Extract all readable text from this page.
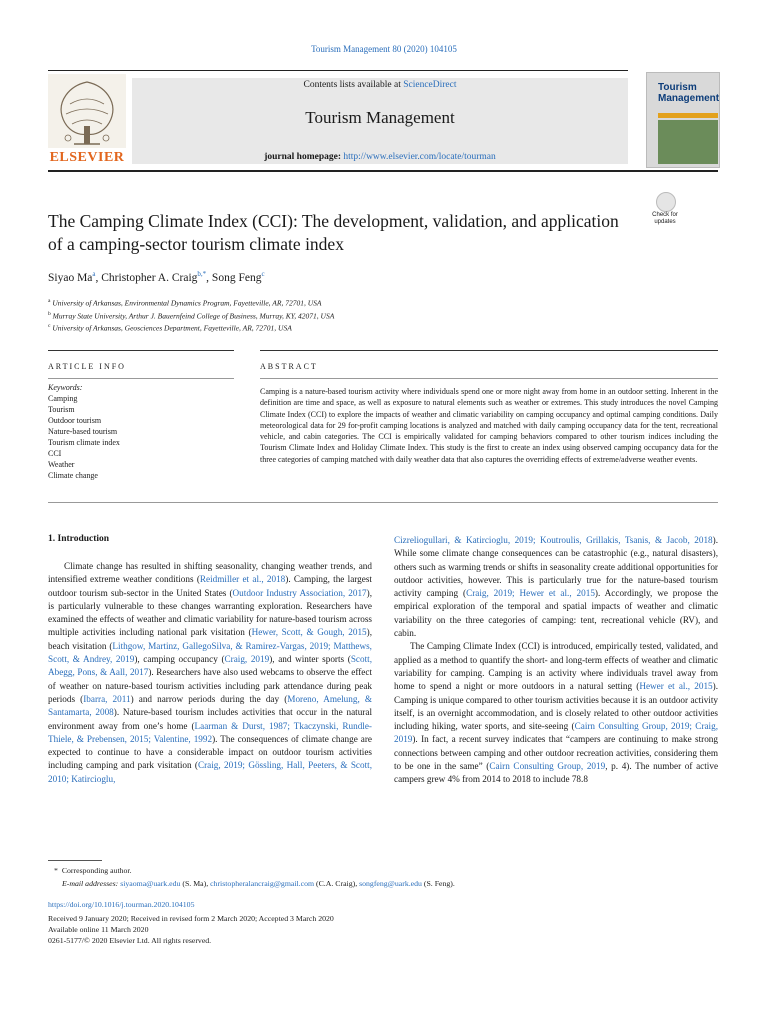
Tourism Management 80 (2020) 104105
ELSEVIER
Contents lists available at ScienceDirect
Tourism Management
journal homepage: http://www.elsevier.com/locate/tourman
Tourism Management
Check for updates
The Camping Climate Index (CCI): The development, validation, and application of a camping-sector tourism climate index
Siyao Ma$^a$, Christopher A. Craig$^{b,*}$, Song Feng$^c$
$^a$ University of Arkansas, Environmental Dynamics Program, Fayetteville, AR, 72701, USA
$^b$ Murray State University, Arthur J. Bauernfeind College of Business, Murray, KY, 42071, USA
$^c$ University of Arkansas, Geosciences Department, Fayetteville, AR, 72701, USA
ARTICLE INFO	ABSTRACT
Keywords:
Camping
Tourism
Outdoor tourism
Nature-based tourism
Tourism climate index
CCI
Weather
Climate change
Camping is a nature-based tourism activity where individuals spend one or more night away from home in an outdoor setting. Inherent in the definition are time and space, as well as exposure to natural elements such as weather or extremes. This study introduces the novel Camping Climate Index (CCI) to explore the impacts of weather and climatic variability on camping occupancy and optimal camping conditions. Daily meteorological data for 29 for-profit camping locations is analyzed and matched with daily camping occupancy data for the tent, recreational vehicle, and cabin categories. The CCI is empirically validated for camping behaviors compared to other tourism indices including the Tourism Climate Index and Holiday Climate Index. This study is the first to create an index using observed camping occupancy data for the three categories of camping matched with daily weather data that also captures the overriding effects of extreme/adverse weather events.
1. Introduction

Climate change has resulted in shifting seasonality, changing weather trends, and intensified extreme weather conditions (Reidmiller et al., 2018). Camping, the largest outdoor tourism sub-sector in the United States (Outdoor Industry Association, 2017), is particularly vulnerable to these changes warranting exploration. Researchers have examined the effects of weather and climatic variability for nature-based tourism across multiple activities including national park visitation (Hewer, Scott, & Gough, 2015), beach visitation (Lithgow, Martinz, GallegoSilva, & Ramirez-Vargas, 2019; Matthews, Scott, & Andrey, 2019), camping occupancy (Craig, 2019), and winter sports (Scott, Abegg, Pons, & Aall, 2017). Researchers have also used webcams to observe the effect of weather on nature-based tourism activities including park attendance during peak periods (Ibarra, 2011) and narrow periods during the day (Moreno, Amelung, & Santamarta, 2008). Nature-based tourism includes activities that occur in the natural environment away from one’s home (Laarman & Durst, 1987; Tkaczynski, Rundle-Thiele, & Prebensen, 2015; Valentine, 1992). The consequences of climate change are expected to continue to have a considerable impact on outdoor tourism activities including camping and park visitation (Craig, 2019; Gössling, Hall, Peeters, & Scott, 2010; Katircioglu,

Cizreliogullari, & Katircioglu, 2019; Koutroulis, Grillakis, Tsanis, & Jacob, 2018). While some climate change consequences can be catastrophic (e.g., natural disasters), others such as warming trends or shifts in seasonality create additional opportunities for outdoor activities, however. This is particularly true for the nature-based tourism activity camping (Craig, 2019; Hewer et al., 2015). Accordingly, we propose the empirical exploration of the temporal and spatial impacts of weather and climatic variability on the three categories of camping: tent, recreational vehicle (RV), and cabin.

The Camping Climate Index (CCI) is introduced, empirically tested, validated, and applied as a method to quantify the short- and long-term effects of weather and climatic variability for camping. Camping is an activity where individuals travel away from home to spend a night or more outdoors in a natural setting (Hewer et al., 2015). Camping is unique compared to other tourism activities because it is an outdoor activity itself, is an overnight accommodation, and is closely related to other outdoor activities including hiking, water sports, and site-seeing (Cairn Consulting Group, 2019; Craig, 2019). In fact, a recent survey indicates that “campers are continuing to make strong connections between camping and other outdoor recreation activities, considering them to be one in the same” (Cairn Consulting Group, 2019, p. 4). The number of active campers grew 4% from 2014 to 2018 to include 78.8

* Corresponding author.
E-mail addresses: siyaoma@uark.edu (S. Ma), christopheralancraig@gmail.com (C.A. Craig), songfeng@uark.edu (S. Feng).
https://doi.org/10.1016/j.tourman.2020.104105
Received 9 January 2020; Received in revised form 2 March 2020; Accepted 3 March 2020
Available online 11 March 2020
0261-5177/© 2020 Elsevier Ltd. All rights reserved.
